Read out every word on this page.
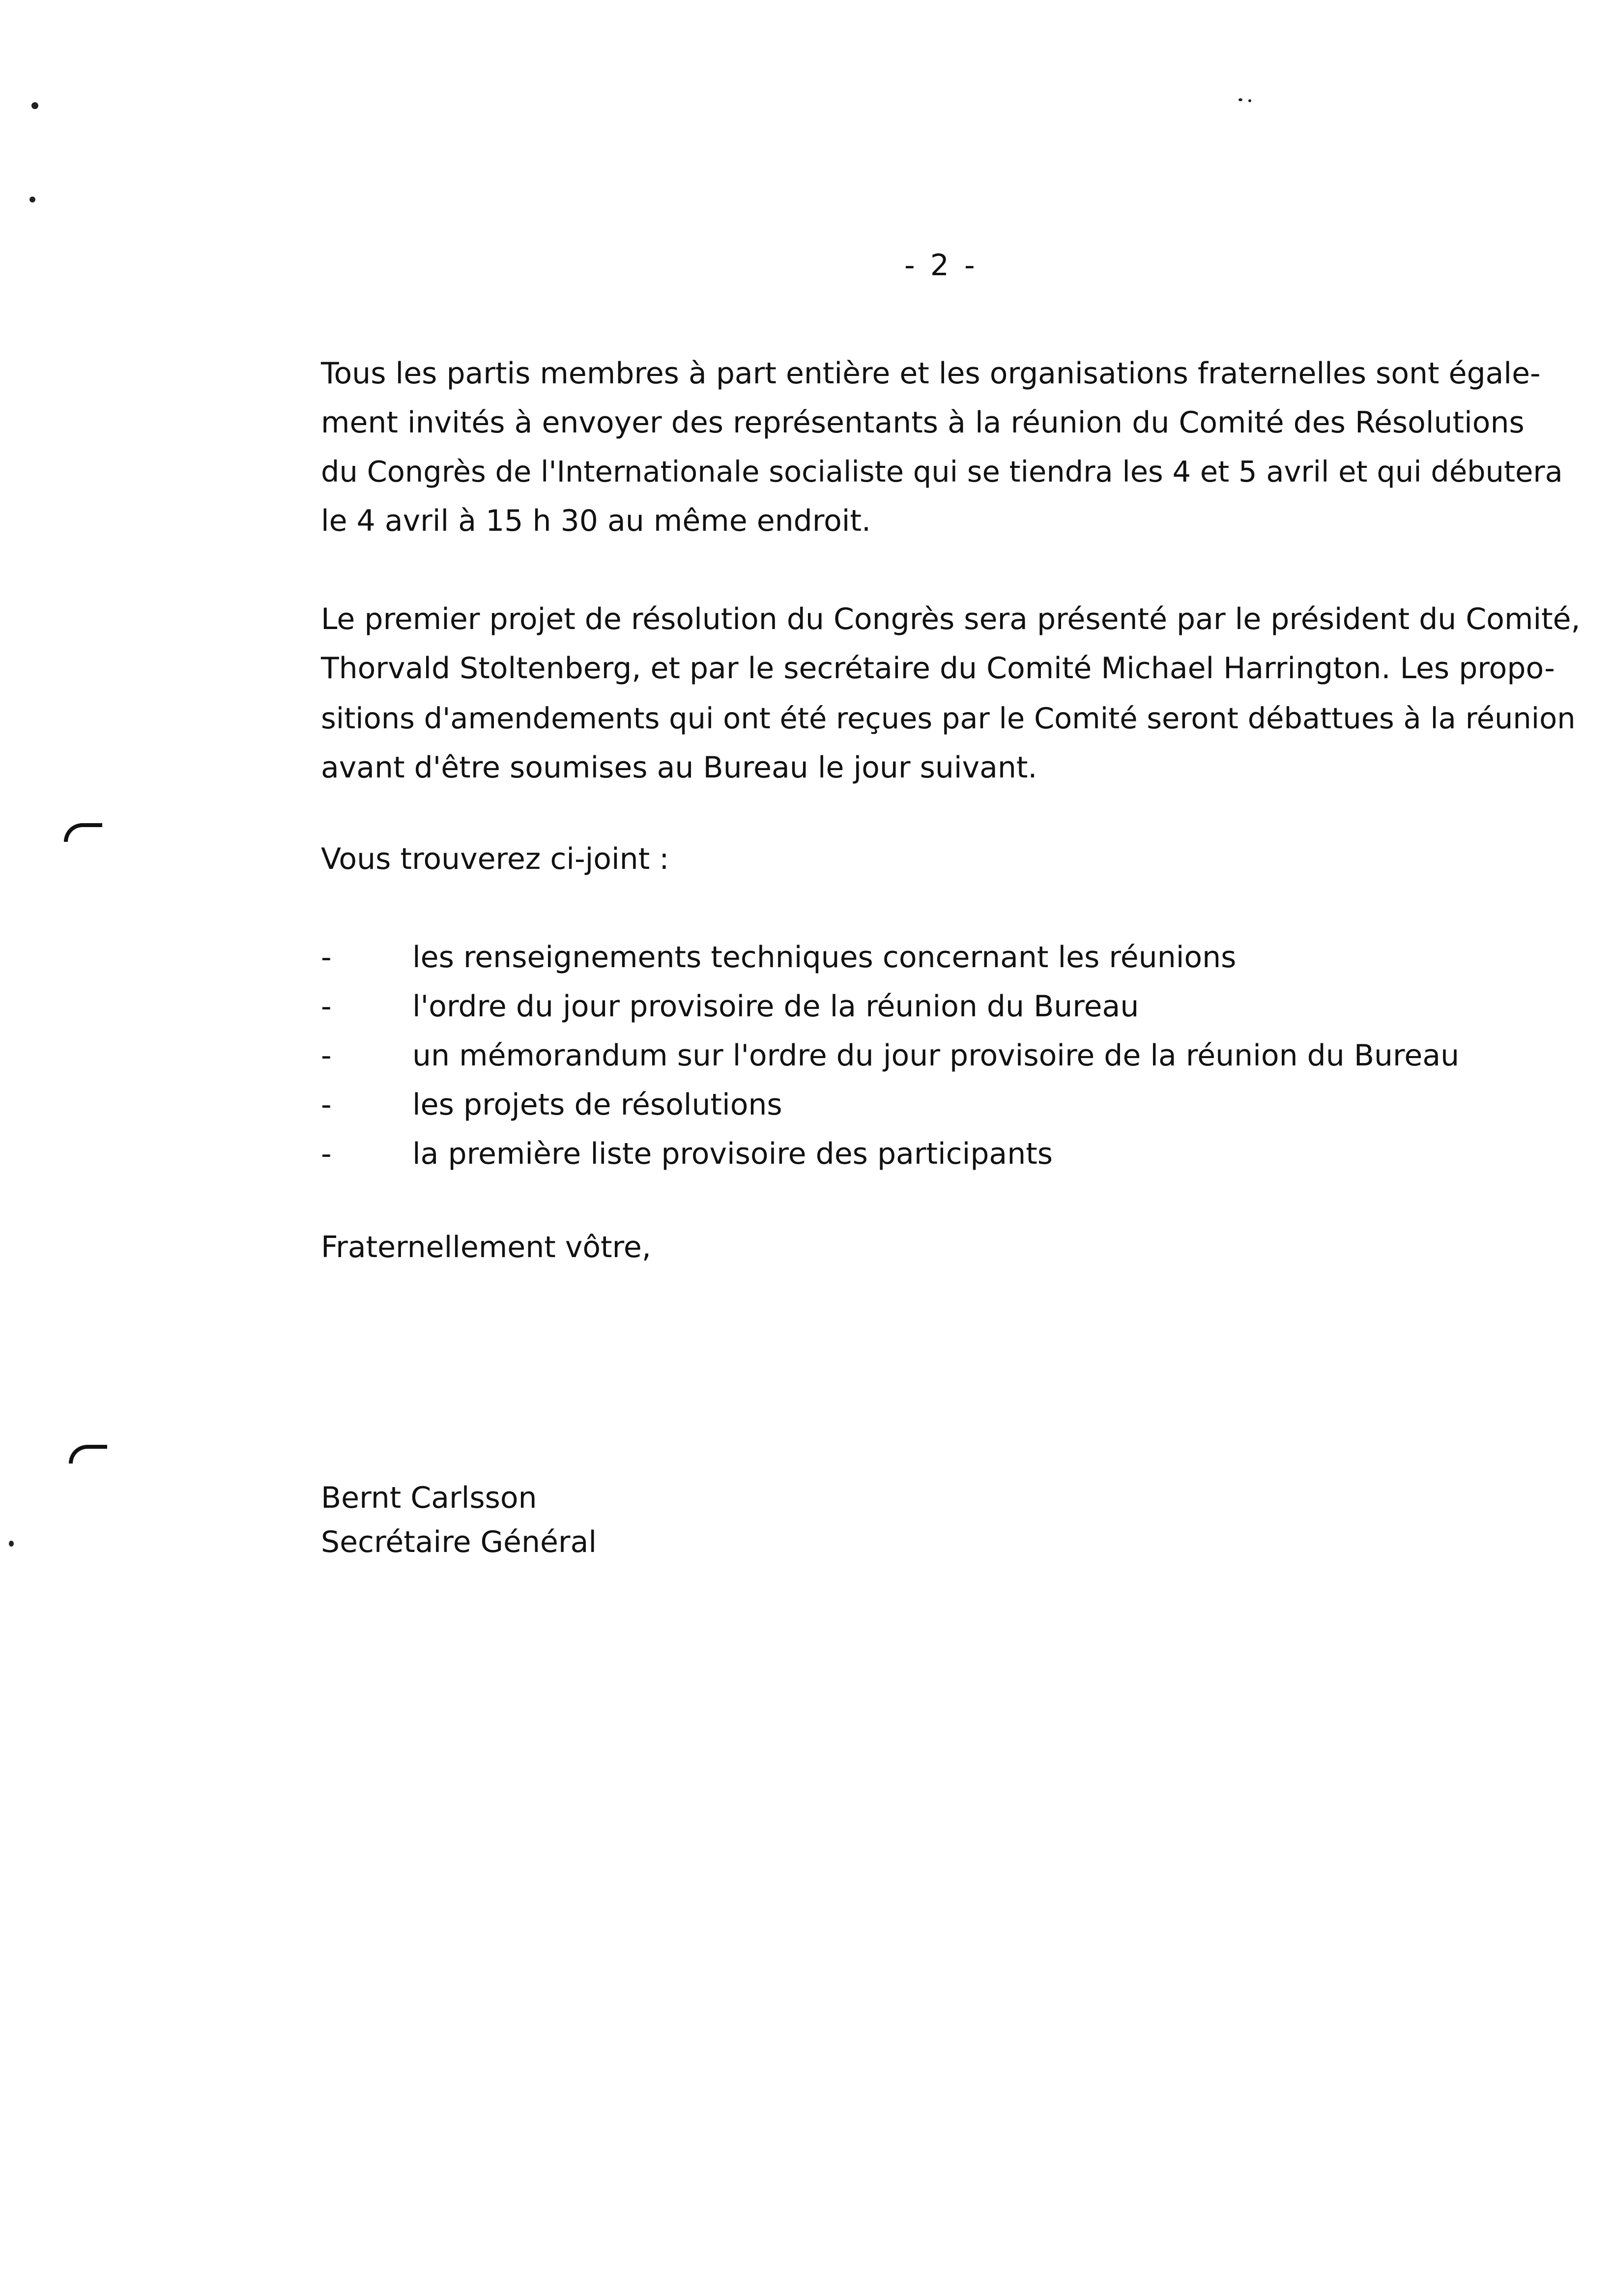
- 2 -
Tous les partis membres à part entière et les organisations fraternelles sont égale-
ment invités à envoyer des représentants à la réunion du Comité des Résolutions
du Congrès de l'Internationale socialiste qui se tiendra les 4 et 5 avril et qui débutera
le 4 avril à 15 h 30 au même endroit.
Le premier projet de résolution du Congrès sera présenté par le président du Comité,
Thorvald Stoltenberg, et par le secrétaire du Comité Michael Harrington. Les propo-
sitions d'amendements qui ont été reçues par le Comité seront débattues à la réunion
avant d'être soumises au Bureau le jour suivant.
Vous trouverez ci-joint :
-	les renseignements techniques concernant les réunions
-	l'ordre du jour provisoire de la réunion du Bureau
-	un mémorandum sur l'ordre du jour provisoire de la réunion du Bureau
-	les projets de résolutions
-	la première liste provisoire des participants
Fraternellement vôtre,
Bernt Carlsson
Secrétaire Général
